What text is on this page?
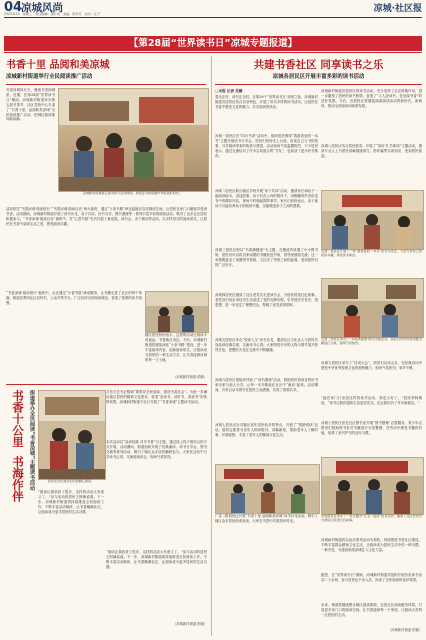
04
凉城风尚
2023.5.10　星期三　责任编辑：诸小凤　美编：陈华芳　校对：汪子	凉城·社区报
【第28届“世界读书日”凉城专题报道】
书香十里 品阅和美凉城
凉城新村街道举行全民阅读推广活动
书香凉城四月天，暖意书香润城里。近期，在第28届“世界读书日”期间，凉城新村街道举办第五届书香节，社区党校中心半道了“书香十里，品阅和美凉城”全民阅读推广活动，把城区阅读推向新高潮。
凉城新村街道第五届书香节活动现场，居民在书香氛围中共度美好时光。
活动依托“书香凉城·阅读悦行”“书香凉城·阅读百宫”两大板块，通过“十条书路”串连起辖区各类阅读空间，让居民在家门口便能享受到书香。活动期间，凉城新村街道开展了读书沙龙、亲子共读、好书分享、图书漂流等一系列丰富多彩的阅读活动，吸引了众多社区居民积极参与。“书香凉城·阅读百宫”板块中，在“心香书屋”先后开展了童话屋、读书会、亲子阅读等活动，以多样形式的阅读形式，让居民在书香中品味生活之美，感受阅读乐趣。
“书香凉城·阅读悦行”板块中，社区通过“小香书屋”流动服务，让书籍走进了社区的每个角落。街道还利用社区宣传栏、公众号等平台，广泛宣传全民阅读理念，营造了浓厚的读书氛围。
辖区居民纷纷表示，这样的活动让阅读不再遥远，书香就在身边。今后，凉城新村街道将继续深化“十条书路”建设，进一步丰富阅读内容，创新阅读形式，让阅读成为居民的一种生活方式，让书香浸润凉城的每一寸土地。
（凉城新村街道 供稿）
书香十公里
书海作伴 街道举办全民阅读“书香凉城”主题读书活动	居民在社区阅读空间里静心阅读。
习近平总书记强调“要倡导全民阅读，建设书香社会”。为进一步满足辖区居民的精神文化需求，营造“爱读书、读好书、善读书”的浓厚氛围，凉城新村街道于近日开展了“书香凉城”主题读书活动。
本次活动以“品读经典 共享书香”为主题，通过线上线下相结合的方式开展。活动期间，街道组织开展了经典诵读、读书分享会、图书交换等系列活动，吸引了辖区众多居民踊跃参与。大家在活动中分享读书心得，交流阅读体会，现场气氛热烈。
“阅读让我收获了很多，这样的活动太有意义了。”参与活动的居民王阿姨说道。下一步，凉城新村街道将持续推进全民阅读工作，不断丰富活动载体，让书香飘满社区，让阅读成为更多居民的生活习惯。
“阅读让我收获了很多，这样的活动太有意义了。”参与活动的居民王阿姨说道。下一步，凉城新村街道将持续推进全民阅读工作，不断丰富活动载体，让书香飘满社区，让阅读成为更多居民的生活习惯。
（凉城新村街道 供稿）
共建书香社区 同享读书之乐
凉城各居民区开展丰富多彩的读书活动
□本报 记者 吴静
春光正好，读书正当时。在第28个“世界读书日”到来之际，凉城新村街道各居民区结合自身特色，开展了形式多样的读书活动，让居民在书香中感受文化的魅力，共享阅读的快乐。
凉城一居民区在“四月书香”活动中，组织居民围绕“我最喜爱的一本书”主题开展读书分享会。居民们纷纷走上台前，讲述自己与书的故事，分享阅读带来的收获与感悟。活动现场气氛温馨热烈，不少居民表示，通过交流结识了许多志同道合的“书友”，也收获了更多好书推荐。
凉城二居民区联合辖区学校开展“亲子共读”活动，邀请家长和孩子一起阅读绘本、讲述故事。孩子们在父母的陪伴下，用稚嫩的声音讲述书中的精彩内容，现场不时响起阵阵掌声。家长们纷纷表示，亲子阅读不仅能培养孩子的阅读兴趣，还能增进亲子之间的感情。
凉城三居民区则以“书香满楼道”为主题，在楼道内设置了小小图书角，居民们可以将自家闲置的书籍放进书角，供邻里借阅交流。这一举措既盘活了闲置图书资源，又拉近了邻里之间的距离，受到居民们的广泛好评。
凉城四居民区邀请了社区老党员走进读书会，为居民讲述红色故事。老党员们用亲身经历生动讲述了党的光辉历程，引导居民学党史、悟思想，进一步坚定了理想信念，厚植了爱党爱国情怀。
凉城五居民区举办“悦读人生”读书沙龙，邀请社区文化达人与居民共同品读经典名著，交流读书心得。大家围绕书中的人物与情节展开热烈讨论，思想的火花在交流中不断碰撞。
凉城六居民区则组织开展了“读书漂流”活动，鼓励居民将读过的好书拿出来与他人分享，让每一本书都能在社区中“流动”起来。活动期间，共有百余本图书在居民之间漂流，实现了资源共享。
凉城七居民区针对辖区老年居民较多的特点，开展了“银龄悦读”活动，组织志愿者为老年人朗读报刊、讲解新知，帮助老年人了解时事、开阔视野，丰富了老年人的精神文化生活。
广灵二路居民区开展“书香十里 品阅和美凉城”读书沙龙活动，吸引了辖区众多居民前来参加，大家在书香中共度美好时光。
凉城新村街道各居民区的读书活动，充分发挥了社区阵地作用，进一步激发了居民的读书热情，营造了“人人爱读书、处处闻书香”的良好氛围。今后，各居民区将继续探索阅读活动的新形式、新载体，推动全民阅读向纵深发展。
凉城八居民区结合居民需求，开展了“读好书 学新知”主题活动，邀请专业人士为居民讲解健康养生、防诈骗等实用知识，受到居民欢迎。
文清一居民区开展了一场“最喜爱的一本书”读书交流会，大家分享自己喜爱的书籍，讲述读书体会。
文清二居民区举办了“书香满楼道”图书交换活动，居民们纷纷带来闲置书籍进行交换，现场气氛热烈。
凉城九居民区举办了“诗词大会”，居民们以诗会友，在经典诗词中感受中华优秀传统文化的独特魅力，现场气氛热烈，掌声不断。
“能在家门口参加这样的读书活动，真是太好了。”居民李阿姨说，“读书让我的退休生活更加充实，也让我结识了许多新朋友。”
凉城十居民区依托社区图书室开展“图书整理”志愿服务，青少年志愿者们帮助图书室对书籍进行分类整理，在劳动中感受书籍的价值，培养了爱书护书的良好习惯。
水电居民区举办了一场主题为“红书一起读”读书活动，邀请了社区老党员为居民们讲述红色故事。
凉城新村街道将以此次系列活动为契机，持续推进书香社区建设，不断丰富群众精神文化生活，让阅读成为居民生活中的一种习惯、一种享受，为建设和美凉城注入文化力量。
据悉，在“世界读书日”期间，凉城新村街道共组织开展各类读书活动二十余场，参与居民达千余人次，形成了全民阅读的良好氛围。
未来，街道将继续整合辖区阅读资源，完善社区阅读服务体系，打造更多家门口的阅读空间，让书香浸润每一个家庭，让阅读点亮每一位居民的生活。
（凉城新村街道 供稿）
